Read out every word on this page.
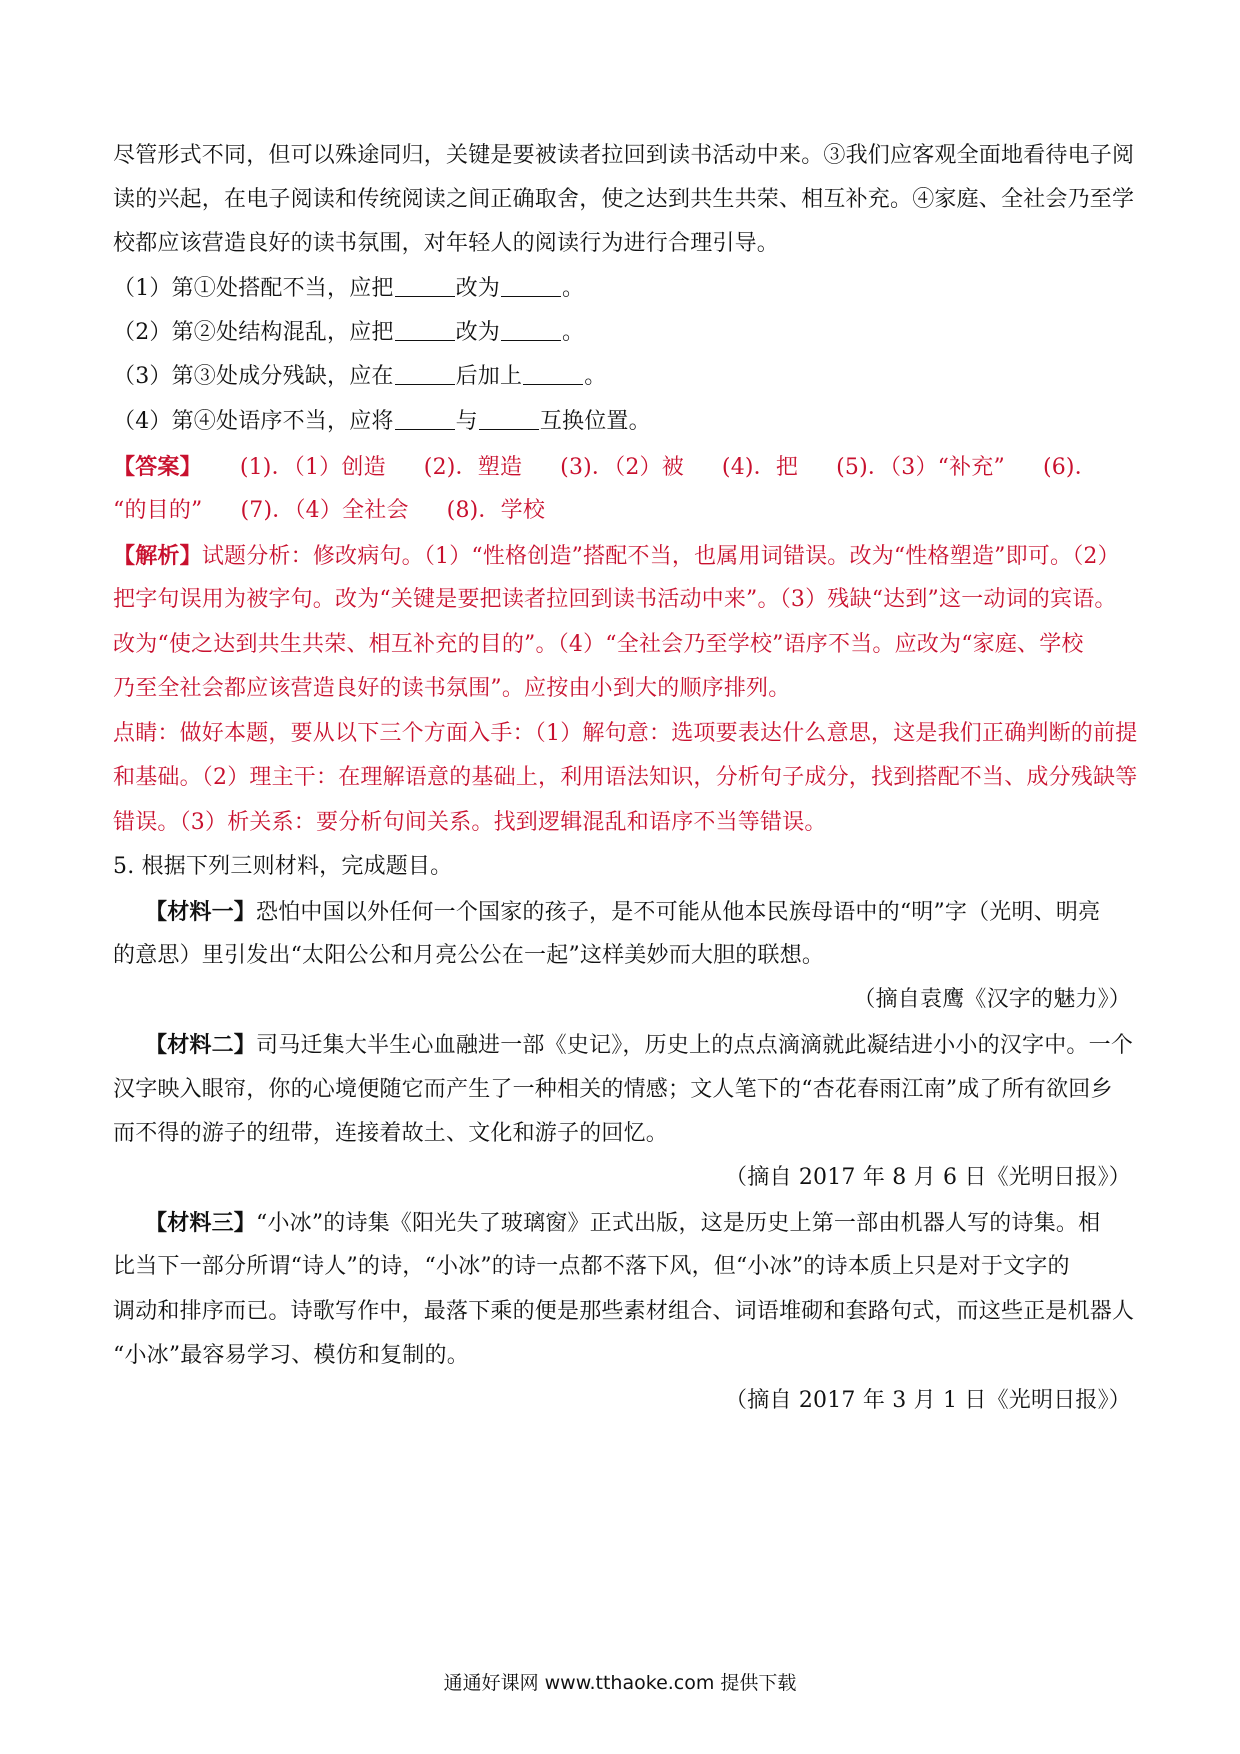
尽管形式不同，但可以殊途同归，关键是要被读者拉回到读书活动中来。③我们应客观全面地看待电子阅
读的兴起，在电子阅读和传统阅读之间正确取舍，使之达到共生共荣、相互补充。④家庭、全社会乃至学
校都应该营造良好的读书氛围，对年轻人的阅读行为进行合理引导。
（1）第①处搭配不当，应把	改为	。
（2）第②处结构混乱，应把	改为	。
（3）第③处成分残缺，应在	后加上	。
（4）第④处语序不当，应将	与	互换位置。
【答案】 (1)．（1）创造 (2)．塑造 (3)．（2）被 (4)．把 (5)．（3）“补充” (6)．
“的目的” (7)．（4）全社会 (8)．学校
【解析】试题分析：修改病句。（1）“性格创造”搭配不当，也属用词错误。改为“性格塑造”即可。（2）
把字句误用为被字句。改为“关键是要把读者拉回到读书活动中来”。（3）残缺“达到”这一动词的宾语。
改为“使之达到共生共荣、相互补充的目的”。（4）“全社会乃至学校”语序不当。应改为“家庭、学校
乃至全社会都应该营造良好的读书氛围”。应按由小到大的顺序排列。
点睛：做好本题，要从以下三个方面入手：（1）解句意：选项要表达什么意思，这是我们正确判断的前提
和基础。（2）理主干：在理解语意的基础上，利用语法知识，分析句子成分，找到搭配不当、成分残缺等
错误。（3）析关系：要分析句间关系。找到逻辑混乱和语序不当等错误。
5. 根据下列三则材料，完成题目。
【材料一】恐怕中国以外任何一个国家的孩子，是不可能从他本民族母语中的“明”字（光明、明亮
的意思）里引发出“太阳公公和月亮公公在一起”这样美妙而大胆的联想。
（摘自袁鹰《汉字的魅力》）
【材料二】司马迁集大半生心血融进一部《史记》，历史上的点点滴滴就此凝结进小小的汉字中。一个
汉字映入眼帘，你的心境便随它而产生了一种相关的情感；文人笔下的“杏花春雨江南”成了所有欲回乡
而不得的游子的纽带，连接着故土、文化和游子的回忆。
（摘自 2017 年 8 月 6 日《光明日报》）
【材料三】“小冰”的诗集《阳光失了玻璃窗》正式出版，这是历史上第一部由机器人写的诗集。相
比当下一部分所谓“诗人”的诗，“小冰”的诗一点都不落下风，但“小冰”的诗本质上只是对于文字的
调动和排序而已。诗歌写作中，最落下乘的便是那些素材组合、词语堆砌和套路句式，而这些正是机器人
“小冰”最容易学习、模仿和复制的。
（摘自 2017 年 3 月 1 日《光明日报》）
通通好课网 www.tthaoke.com 提供下载
